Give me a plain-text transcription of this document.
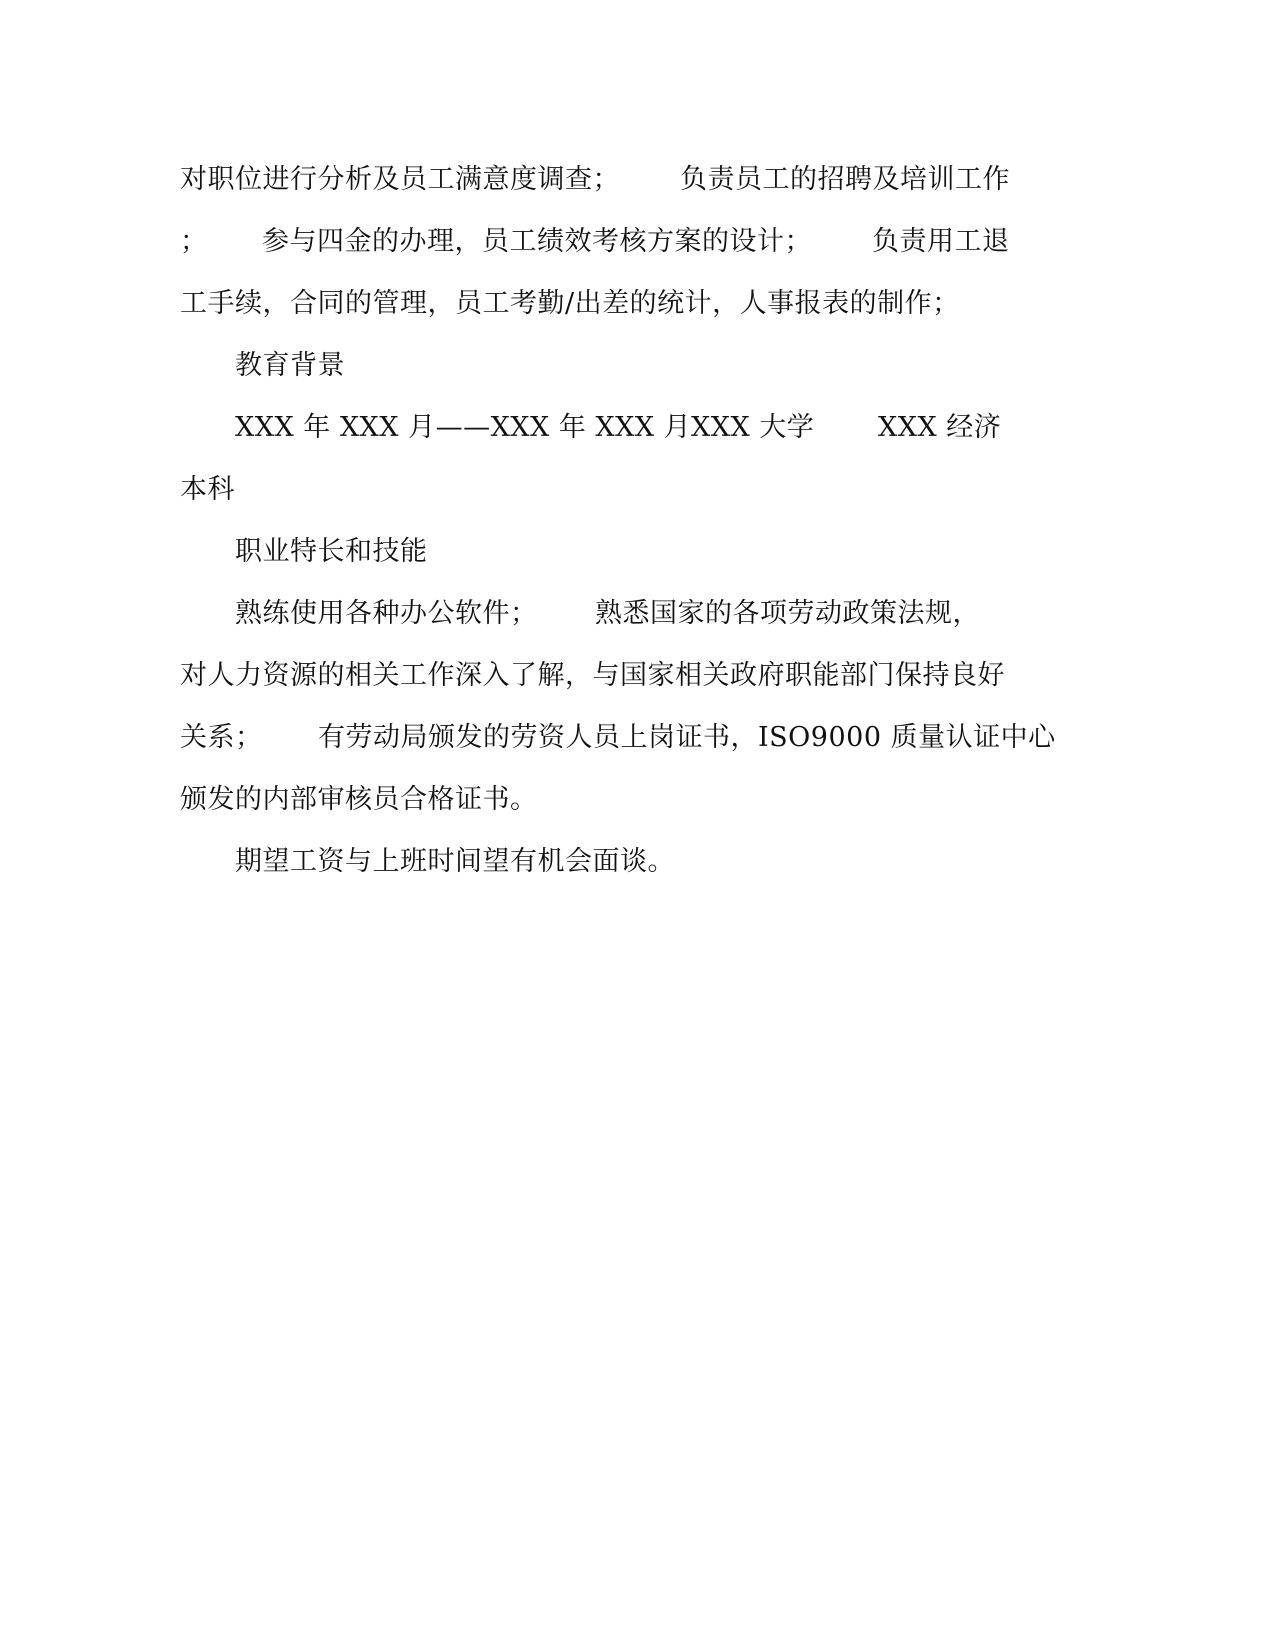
对职位进行分析及员工满意度调查；

负责员工的招聘及培训工作

；

参与四金的办理，员工绩效考核方案的设计；

负责用工退

工手续，合同的管理，员工考勤/出差的统计，人事报表的制作；
教育背景

XXX 年 XXX 月——XXX 年 XXX 月

XXX 大学

XXX 经济

本科
职业特长和技能

熟练使用各种办公软件；

熟悉国家的各项劳动政策法规，

对人力资源的相关工作深入了解，与国家相关政府职能部门保持良好

关系；

有劳动局颁发的劳资人员上岗证书，ISO9000 质量认证中心

颁发的内部审核员合格证书。
期望工资与上班时间望有机会面谈。
